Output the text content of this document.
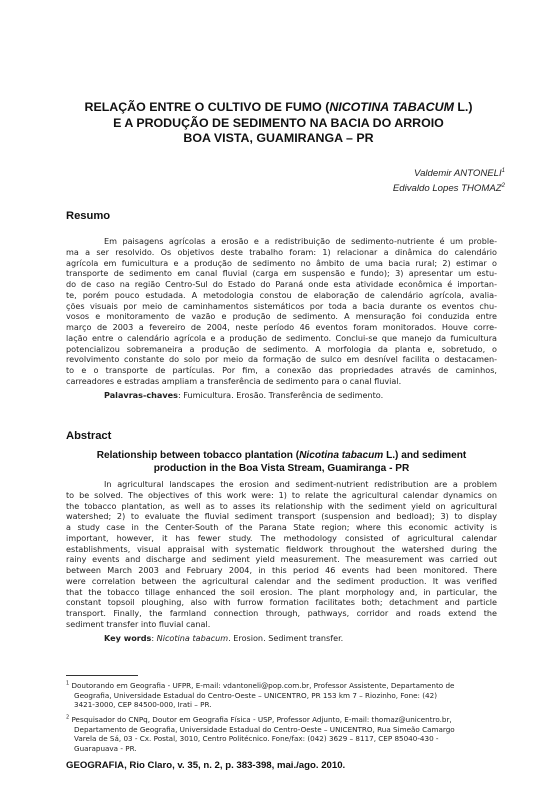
RELAÇÃO ENTRE O CULTIVO DE FUMO (NICOTINA TABACUM L.)
E A PRODUÇÃO DE SEDIMENTO NA BACIA DO ARROIO
BOA VISTA, GUAMIRANGA – PR
Valdemir ANTONELI$^1$
Edivaldo Lopes THOMAZ$^2$
Resumo
Em paisagens agrícolas a erosão e a redistribuição de sedimento-nutriente é um proble-
ma a ser resolvido. Os objetivos deste trabalho foram: 1) relacionar a dinâmica do calendário
agrícola em fumicultura e a produção de sedimento no âmbito de uma bacia rural; 2) estimar o
transporte de sedimento em canal fluvial (carga em suspensão e fundo); 3) apresentar um estu-
do de caso na região Centro-Sul do Estado do Paraná onde esta atividade econômica é importan-
te, porém pouco estudada. A metodologia constou de elaboração de calendário agrícola, avalia-
ções visuais por meio de caminhamentos sistemáticos por toda a bacia durante os eventos chu-
vosos e monitoramento de vazão e produção de sedimento. A mensuração foi conduzida entre
março de 2003 a fevereiro de 2004, neste período 46 eventos foram monitorados. Houve corre-
lação entre o calendário agrícola e a produção de sedimento. Conclui-se que manejo da fumicultura
potencializou sobremaneira a produção de sedimento. A morfologia da planta e, sobretudo, o
revolvimento constante do solo por meio da formação de sulco em desnível facilita o destacamen-
to e o transporte de partículas. Por fim, a conexão das propriedades através de caminhos,
carreadores e estradas ampliam a transferência de sedimento para o canal fluvial.
Palavras-chaves: Fumicultura. Erosão. Transferência de sedimento.
Abstract
Relationship between tobacco plantation (Nicotina tabacum L.) and sediment
production in the Boa Vista Stream, Guamiranga - PR
In agricultural landscapes the erosion and sediment-nutrient redistribution are a problem
to be solved. The objectives of this work were: 1) to relate the agricultural calendar dynamics on
the tobacco plantation, as well as to asses its relationship with the sediment yield on agricultural
watershed; 2) to evaluate the fluvial sediment transport (suspension and bedload); 3) to display
a study case in the Center-South of the Parana State region; where this economic activity is
important, however, it has fewer study. The methodology consisted of agricultural calendar
establishments, visual appraisal with systematic fieldwork throughout the watershed during the
rainy events and discharge and sediment yield measurement. The measurement was carried out
between March 2003 and February 2004, in this period 46 events had been monitored. There
were correlation between the agricultural calendar and the sediment production. It was verified
that the tobacco tillage enhanced the soil erosion. The plant morphology and, in particular, the
constant topsoil ploughing, also with furrow formation facilitates both; detachment and particle
transport. Finally, the farmland connection through, pathways, corridor and roads extend the
sediment transfer into fluvial canal.
Key words: Nicotina tabacum. Erosion. Sediment transfer.
$^1$ Doutorando em Geografia - UFPR, E-mail: vdantoneli@pop.com.br, Professor Assistente, Departamento de
Geografia, Universidade Estadual do Centro-Oeste – UNICENTRO, PR 153 km 7 – Riozinho, Fone: (42)
3421-3000, CEP 84500-000, Irati – PR.
$^2$ Pesquisador do CNPq, Doutor em Geografia Física - USP, Professor Adjunto, E-mail: thomaz@unicentro.br,
Departamento de Geografia, Universidade Estadual do Centro-Oeste – UNICENTRO, Rua Simeão Camargo
Varela de Sá, 03 - Cx. Postal, 3010, Centro Politécnico. Fone/fax: (042) 3629 – 8117, CEP 85040-430 -
Guarapuava - PR.
GEOGRAFIA, Rio Claro, v. 35, n. 2, p. 383-398, mai./ago. 2010.
